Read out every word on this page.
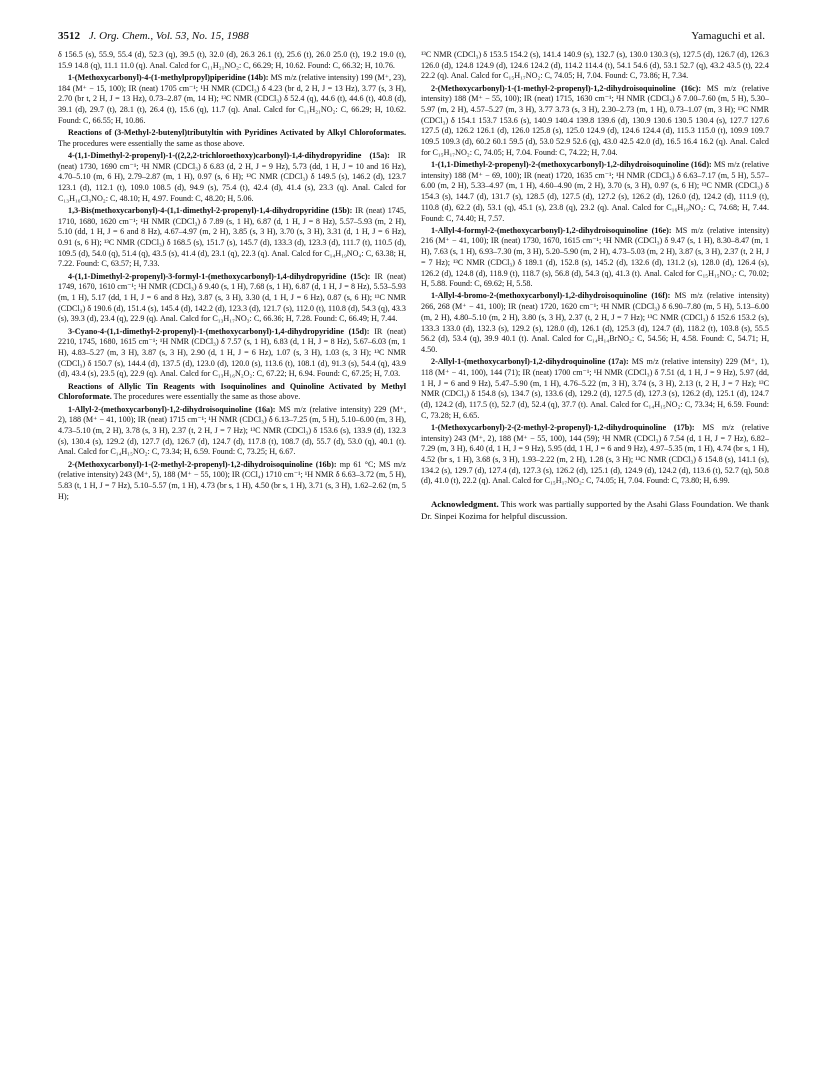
3512 J. Org. Chem., Vol. 53, No. 15, 1988	Yamaguchi et al.

δ 156.5 (s), 55.9, 55.4 (d), 52.3 (q), 39.5 (t), 32.0 (d), 26.3 26.1 (t), 25.6 (t), 26.0 25.0 (t), 19.2 19.0 (t), 15.9 14.8 (q), 11.1 11.0 (q). Anal. Calcd for C₁₁H₂₁NO₂: C, 66.29; H, 10.62. Found: C, 66.32; H, 10.76.

1-(Methoxycarbonyl)-4-(1-methylpropyl)piperidine (14b): MS m/z (relative intensity) 199 (M⁺, 23), 184 (M⁺ − 15, 100); IR (neat) 1705 cm⁻¹; ¹H NMR (CDCl₃) δ 4.23 (br d, 2 H, J = 13 Hz), 3.77 (s, 3 H), 2.70 (br t, 2 H, J = 13 Hz), 0.73–2.87 (m, 14 H); ¹³C NMR (CDCl₃) δ 52.4 (q), 44.6 (t), 44.6 (t), 40.8 (d), 39.1 (d), 29.7 (t), 28.1 (t), 26.4 (t), 15.6 (q), 11.7 (q). Anal. Calcd for C₁₁H₂₁NO₂: C, 66.29; H, 10.62. Found: C, 66.55; H, 10.86.

Reactions of (3-Methyl-2-butenyl)tributyltin with Pyridines Activated by Alkyl Chloroformates. The procedures were essentially the same as those above.

4-(1,1-Dimethyl-2-propenyl)-1-((2,2,2-trichloroethoxy)carbonyl)-1,4-dihydropyridine (15a): IR (neat) 1730, 1690 cm⁻¹; ¹H NMR (CDCl₃) δ 6.83 (d, 2 H, J = 9 Hz), 5.73 (dd, 1 H, J = 10 and 16 Hz), 4.70–5.10 (m, 6 H), 2.79–2.87 (m, 1 H), 0.97 (s, 6 H); ¹³C NMR (CDCl₃) δ 149.5 (s), 146.2 (d), 123.7 123.1 (d), 112.1 (t), 109.0 108.5 (d), 94.9 (s), 75.4 (t), 42.4 (d), 41.4 (s), 23.3 (q). Anal. Calcd for C₁₃H₁₆Cl₃NO₂: C, 48.10; H, 4.97. Found: C, 48.20; H, 5.06.

1,3-Bis(methoxycarbonyl)-4-(1,1-dimethyl-2-propenyl)-1,4-dihydropyridine (15b): IR (neat) 1745, 1710, 1680, 1620 cm⁻¹; ¹H NMR (CDCl₃) δ 7.89 (s, 1 H), 6.87 (d, 1 H, J = 8 Hz), 5.57–5.93 (m, 2 H), 5.10 (dd, 1 H, J = 6 and 8 Hz), 4.67–4.97 (m, 2 H), 3.85 (s, 3 H), 3.70 (s, 3 H), 3.31 (d, 1 H, J = 6 Hz), 0.91 (s, 6 H); ¹³C NMR (CDCl₃) δ 168.5 (s), 151.7 (s), 145.7 (d), 133.3 (d), 123.3 (d), 111.7 (t), 110.5 (d), 109.5 (d), 54.0 (q), 51.4 (q), 43.5 (s), 41.4 (d), 23.1 (q), 22.3 (q). Anal. Calcd for C₁₄H₁₉NO₄: C, 63.38; H, 7.22. Found: C, 63.57; H, 7.33.

4-(1,1-Dimethyl-2-propenyl)-3-formyl-1-(methoxycarbonyl)-1,4-dihydropyridine (15c): IR (neat) 1749, 1670, 1610 cm⁻¹; ¹H NMR (CDCl₃) δ 9.40 (s, 1 H), 7.68 (s, 1 H), 6.87 (d, 1 H, J = 8 Hz), 5.53–5.93 (m, 1 H), 5.17 (dd, 1 H, J = 6 and 8 Hz), 3.87 (s, 3 H), 3.30 (d, 1 H, J = 6 Hz), 0.87 (s, 6 H); ¹³C NMR (CDCl₃) δ 190.6 (d), 151.4 (s), 145.4 (d), 142.2 (d), 123.3 (d), 121.7 (s), 112.0 (t), 110.8 (d), 54.3 (q), 43.3 (s), 39.3 (d), 23.4 (q), 22.9 (q). Anal. Calcd for C₁₃H₁₇NO₃: C, 66.36; H, 7.28. Found: C, 66.49; H, 7.44.

3-Cyano-4-(1,1-dimethyl-2-propenyl)-1-(methoxycarbonyl)-1,4-dihydropyridine (15d): IR (neat) 2210, 1745, 1680, 1615 cm⁻¹; ¹H NMR (CDCl₃) δ 7.57 (s, 1 H), 6.83 (d, 1 H, J = 8 Hz), 5.67–6.03 (m, 1 H), 4.83–5.27 (m, 3 H), 3.87 (s, 3 H), 2.90 (d, 1 H, J = 6 Hz), 1.07 (s, 3 H), 1.03 (s, 3 H); ¹³C NMR (CDCl₃) δ 150.7 (s), 144.4 (d), 137.5 (d), 123.0 (d), 120.0 (s), 113.6 (t), 108.1 (d), 91.3 (s), 54.4 (q), 43.9 (d), 43.4 (s), 23.5 (q), 22.9 (q). Anal. Calcd for C₁₃H₁₆N₂O₂: C, 67.22; H, 6.94. Found: C, 67.25; H, 7.03.

Reactions of Allylic Tin Reagents with Isoquinolines and Quinoline Activated by Methyl Chloroformate. The procedures were essentially the same as those above.

1-Allyl-2-(methoxycarbonyl)-1,2-dihydroisoquinoline (16a): MS m/z (relative intensity) 229 (M⁺, 2), 188 (M⁺ − 41, 100); IR (neat) 1715 cm⁻¹; ¹H NMR (CDCl₃) δ 6.13–7.25 (m, 5 H), 5.10–6.00 (m, 3 H), 4.73–5.10 (m, 2 H), 3.78 (s, 3 H), 2.37 (t, 2 H, J = 7 Hz); ¹³C NMR (CDCl₃) δ 153.6 (s), 133.9 (d), 132.3 (s), 130.4 (s), 129.2 (d), 127.7 (d), 126.7 (d), 124.7 (d), 117.8 (t), 108.7 (d), 55.7 (d), 53.0 (q), 40.1 (t). Anal. Calcd for C₁₄H₁₅NO₂: C, 73.34; H, 6.59. Found: C, 73.25; H, 6.67.

2-(Methoxycarbonyl)-1-(2-methyl-2-propenyl)-1,2-dihydroisoquinoline (16b): mp 61 °C; MS m/z (relative intensity) 243 (M⁺, 5), 188 (M⁺ − 55, 100); IR (CCl₄) 1710 cm⁻¹; ¹H NMR δ 6.63–3.72 (m, 5 H), 5.83 (t, 1 H, J = 7 Hz), 5.10–5.57 (m, 1 H), 4.73 (br s, 1 H), 4.50 (br s, 1 H), 3.71 (s, 3 H), 1.62–2.62 (m, 5 H);

¹³C NMR (CDCl₃) δ 153.5 154.2 (s), 141.4 140.9 (s), 132.7 (s), 130.0 130.3 (s), 127.5 (d), 126.7 (d), 126.3 126.0 (d), 124.8 124.9 (d), 124.6 124.2 (d), 114.2 114.4 (t), 54.1 54.6 (d), 53.1 52.7 (q), 43.2 43.5 (t), 22.4 22.2 (q). Anal. Calcd for C₁₅H₁₇NO₂: C, 74.05; H, 7.04. Found: C, 73.86; H, 7.34.

2-(Methoxycarbonyl)-1-(1-methyl-2-propenyl)-1,2-dihydroisoquinoline (16c): MS m/z (relative intensity) 188 (M⁺ − 55, 100); IR (neat) 1715, 1630 cm⁻¹; ¹H NMR (CDCl₃) δ 7.00–7.60 (m, 5 H), 5.30–5.97 (m, 2 H), 4.57–5.27 (m, 3 H), 3.77 3.73 (s, 3 H), 2.30–2.73 (m, 1 H), 0.73–1.07 (m, 3 H); ¹³C NMR (CDCl₃) δ 154.1 153.7 153.6 (s), 140.9 140.4 139.8 139.6 (d), 130.9 130.6 130.5 130.4 (s), 127.7 127.6 127.5 (d), 126.2 126.1 (d), 126.0 125.8 (s), 125.0 124.9 (d), 124.6 124.4 (d), 115.3 115.0 (t), 109.9 109.7 109.5 109.3 (d), 60.2 60.1 59.5 (d), 53.0 52.9 52.6 (q), 43.0 42.5 42.0 (d), 16.5 16.4 16.2 (q). Anal. Calcd for C₁₅H₁₇NO₂: C, 74.05; H, 7.04. Found: C, 74.22; H, 7.04.

1-(1,1-Dimethyl-2-propenyl)-2-(methoxycarbonyl)-1,2-dihydroisoquinoline (16d): MS m/z (relative intensity) 188 (M⁺ − 69, 100); IR (neat) 1720, 1635 cm⁻¹; ¹H NMR (CDCl₃) δ 6.63–7.17 (m, 5 H), 5.57–6.00 (m, 2 H), 5.33–4.97 (m, 1 H), 4.60–4.90 (m, 2 H), 3.70 (s, 3 H), 0.97 (s, 6 H); ¹³C NMR (CDCl₃) δ 154.3 (s), 144.7 (d), 131.7 (s), 128.5 (d), 127.5 (d), 127.2 (s), 126.2 (d), 126.0 (d), 124.2 (d), 111.9 (t), 110.8 (d), 62.2 (d), 53.1 (q), 45.1 (s), 23.8 (q), 23.2 (q). Anal. Calcd for C₁₆H₁₉NO₂: C, 74.68; H, 7.44. Found: C, 74.40; H, 7.57.

1-Allyl-4-formyl-2-(methoxycarbonyl)-1,2-dihydroisoquinoline (16e): MS m/z (relative intensity) 216 (M⁺ − 41, 100); IR (neat) 1730, 1670, 1615 cm⁻¹; ¹H NMR (CDCl₃) δ 9.47 (s, 1 H), 8.30–8.47 (m, 1 H), 7.63 (s, 1 H), 6.93–7.30 (m, 3 H), 5.20–5.90 (m, 2 H), 4.73–5.03 (m, 2 H), 3.87 (s, 3 H), 2.37 (t, 2 H, J = 7 Hz); ¹³C NMR (CDCl₃) δ 189.1 (d), 152.8 (s), 145.2 (d), 132.6 (d), 131.2 (s), 128.0 (d), 126.4 (s), 126.2 (d), 124.8 (d), 118.9 (t), 118.7 (s), 56.8 (d), 54.3 (q), 41.3 (t). Anal. Calcd for C₁₅H₁₅NO₃: C, 70.02; H, 5.88. Found: C, 69.62; H, 5.58.

1-Allyl-4-bromo-2-(methoxycarbonyl)-1,2-dihydroisoquinoline (16f): MS m/z (relative intensity) 266, 268 (M⁺ − 41, 100); IR (neat) 1720, 1620 cm⁻¹; ¹H NMR (CDCl₃) δ 6.90–7.80 (m, 5 H), 5.13–6.00 (m, 2 H), 4.80–5.10 (m, 2 H), 3.80 (s, 3 H), 2.37 (t, 2 H, J = 7 Hz); ¹³C NMR (CDCl₃) δ 152.6 153.2 (s), 133.3 133.0 (d), 132.3 (s), 129.2 (s), 128.0 (d), 126.1 (d), 125.3 (d), 124.7 (d), 118.2 (t), 103.8 (s), 55.5 56.2 (d), 53.4 (q), 39.9 40.1 (t). Anal. Calcd for C₁₄H₁₄BrNO₂: C, 54.56; H, 4.58. Found: C, 54.71; H, 4.50.

2-Allyl-1-(methoxycarbonyl)-1,2-dihydroquinoline (17a): MS m/z (relative intensity) 229 (M⁺, 1), 118 (M⁺ − 41, 100), 144 (71); IR (neat) 1700 cm⁻¹; ¹H NMR (CDCl₃) δ 7.51 (d, 1 H, J = 9 Hz), 5.97 (dd, 1 H, J = 6 and 9 Hz), 5.47–5.90 (m, 1 H), 4.76–5.22 (m, 3 H), 3.74 (s, 3 H), 2.13 (t, 2 H, J = 7 Hz); ¹³C NMR (CDCl₃) δ 154.8 (s), 134.7 (s), 133.6 (d), 129.2 (d), 127.5 (d), 127.3 (s), 126.2 (d), 125.1 (d), 124.7 (d), 124.2 (d), 117.5 (t), 52.7 (d), 52.4 (q), 37.7 (t). Anal. Calcd for C₁₄H₁₅NO₂: C, 73.34; H, 6.59. Found: C, 73.28; H, 6.65.

1-(Methoxycarbonyl)-2-(2-methyl-2-propenyl)-1,2-dihydroquinoline (17b): MS m/z (relative intensity) 243 (M⁺, 2), 188 (M⁺ − 55, 100), 144 (59); ¹H NMR (CDCl₃) δ 7.54 (d, 1 H, J = 7 Hz), 6.82–7.29 (m, 3 H), 6.40 (d, 1 H, J = 9 Hz), 5.95 (dd, 1 H, J = 6 and 9 Hz), 4.97–5.35 (m, 1 H), 4.74 (br s, 1 H), 4.52 (br s, 1 H), 3.68 (s, 3 H), 1.93–2.22 (m, 2 H), 1.28 (s, 3 H); ¹³C NMR (CDCl₃) δ 154.8 (s), 141.1 (s), 134.2 (s), 129.7 (d), 127.4 (d), 127.3 (s), 126.2 (d), 125.1 (d), 124.9 (d), 124.2 (d), 113.6 (t), 52.7 (q), 50.8 (d), 41.0 (t), 22.2 (q). Anal. Calcd for C₁₅H₁₇NO₂: C, 74.05; H, 7.04. Found: C, 73.80; H, 6.99.

Acknowledgment. This work was partially supported by the Asahi Glass Foundation. We thank Dr. Sinpei Kozima for helpful discussion.
